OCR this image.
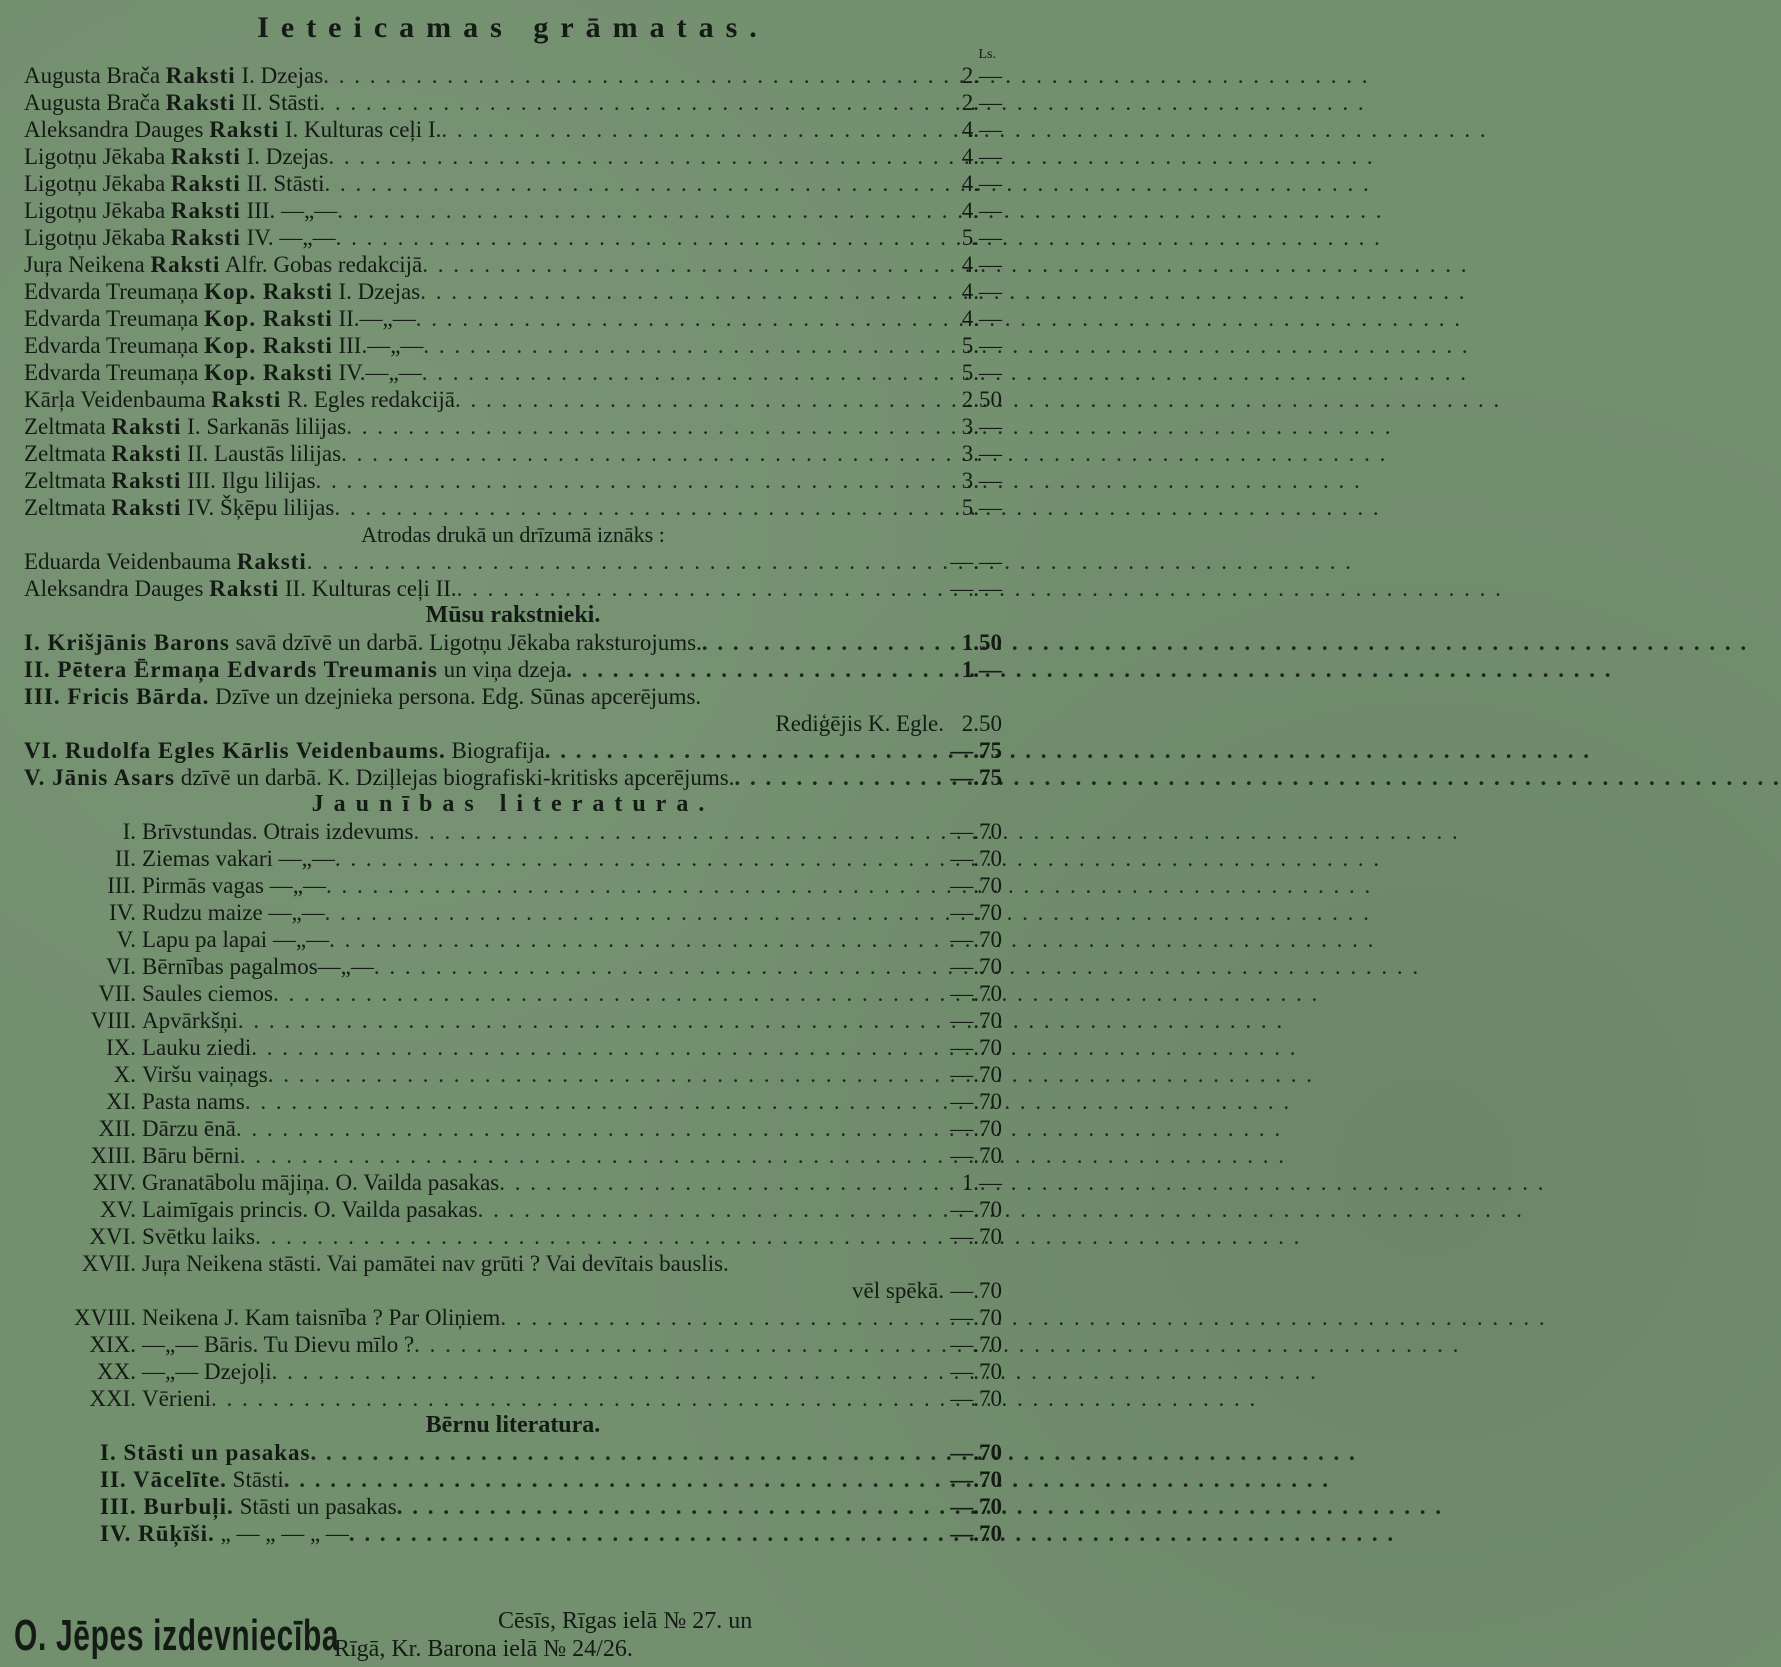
Ieteicamas grāmatas.
Ls.
Augusta Brača Raksti I. Dzejas . . .	2.—
Augusta Brača Raksti II. Stāsti . . .	2.—
Aleksandra Dauges Raksti I. Kulturas ceļi I. . . .	4.—
Ligotņu Jēkaba Raksti I. Dzejas . . .	4.—
Ligotņu Jēkaba Raksti II. Stāsti . . .	4.—
Ligotņu Jēkaba Raksti III. —„— . . .	4.—
Ligotņu Jēkaba Raksti IV. —„— . . .	5.—
Juŗa Neikena Raksti Alfr. Gobas redakcijā . . .	4.—
Edvarda Treumaņa Kop. Raksti I. Dzejas . . .	4.—
Edvarda Treumaņa Kop. Raksti II.—„— . . .	4.—
Edvarda Treumaņa Kop. Raksti III.—„— . . .	5.—
Edvarda Treumaņa Kop. Raksti IV.—„— . . .	5.—
Kārļa Veidenbauma Raksti R. Egles redakcijā . . .	2.50
Zeltmata Raksti I. Sarkanās lilijas . . .	3.—
Zeltmata Raksti II. Laustās lilijas . . .	3.—
Zeltmata Raksti III. Ilgu lilijas . . .	3.—
Zeltmata Raksti IV. Šķēpu lilijas . . .	5.—
Atrodas drukā un drīzumā iznāks :
Eduarda Veidenbauma Raksti . . .	—.—
Aleksandra Dauges Raksti II. Kulturas ceļi II. . . .	—.—
Mūsu rakstnieki.
I. Krišjānis Barons savā dzīvē un darbā. Ligotņu Jēkaba raksturojums. . . .	1.50
II. Pētera Ērmaņa Edvards Treumanis un viņa dzeja . . .	1.—
III. Fricis Bārda. Dzīve un dzejnieka persona. Edg. Sūnas apcerējums.
Rediģējis K. Egle. 2.50
VI. Rudolfa Egles Kārlis Veidenbaums. Biografija . . .	—.75
V. Jānis Asars dzīvē un darbā. K. Dziļlejas biografiski-kritisks apcerējums. . . .	—.75
Jaunības literatura.
I. Brīvstundas. Otrais izdevums . . .	—.70
II. Ziemas vakari —„— . . .	—.70
III. Pirmās vagas —„— . . .	—.70
IV. Rudzu maize —„— . . .	—.70
V. Lapu pa lapai —„— . . .	—.70
VI. Bērnības pagalmos—„— . . .	—.70
VII. Saules ciemos . . .	—.70
VIII. Apvārkšņi . . .	—.70
IX. Lauku ziedi . . .	—.70
X. Viršu vaiņags . . .	—.70
XI. Pasta nams . . .	—.70
XII. Dārzu ēnā . . .	—.70
XIII. Bāru bērni . . .	—.70
XIV. Granatābolu mājiņa. O. Vailda pasakas . . .	1.—
XV. Laimīgais princis. O. Vailda pasakas . . .	—.70
XVI. Svētku laiks . . .	—.70
XVII. Juŗa Neikena stāsti. Vai pamātei nav grūti ? Vai devītais bauslis.
vēl spēkā. —.70
XVIII. Neikena J. Kam taisnība ? Par Oliņiem . . .	—.70
XIX. —„— Bāris. Tu Dievu mīlo ? . . .	—.70
XX. —„— Dzejoļi . . .	—.70
XXI. Vērieni . . .	—.70
Bērnu literatura.
I. Stāsti un pasakas . . .	—.70
II. Vācelīte. Stāsti . . .	—.70
III. Burbuļi. Stāsti un pasakas . . .	—.70
IV. Rūķīši. „ — „ — „ — . . .	—.70
O. Jēpes izdevniecība	Cēsīs, Rīgas ielā № 27. un
Rīgā, Kr. Barona ielā № 24/26.
